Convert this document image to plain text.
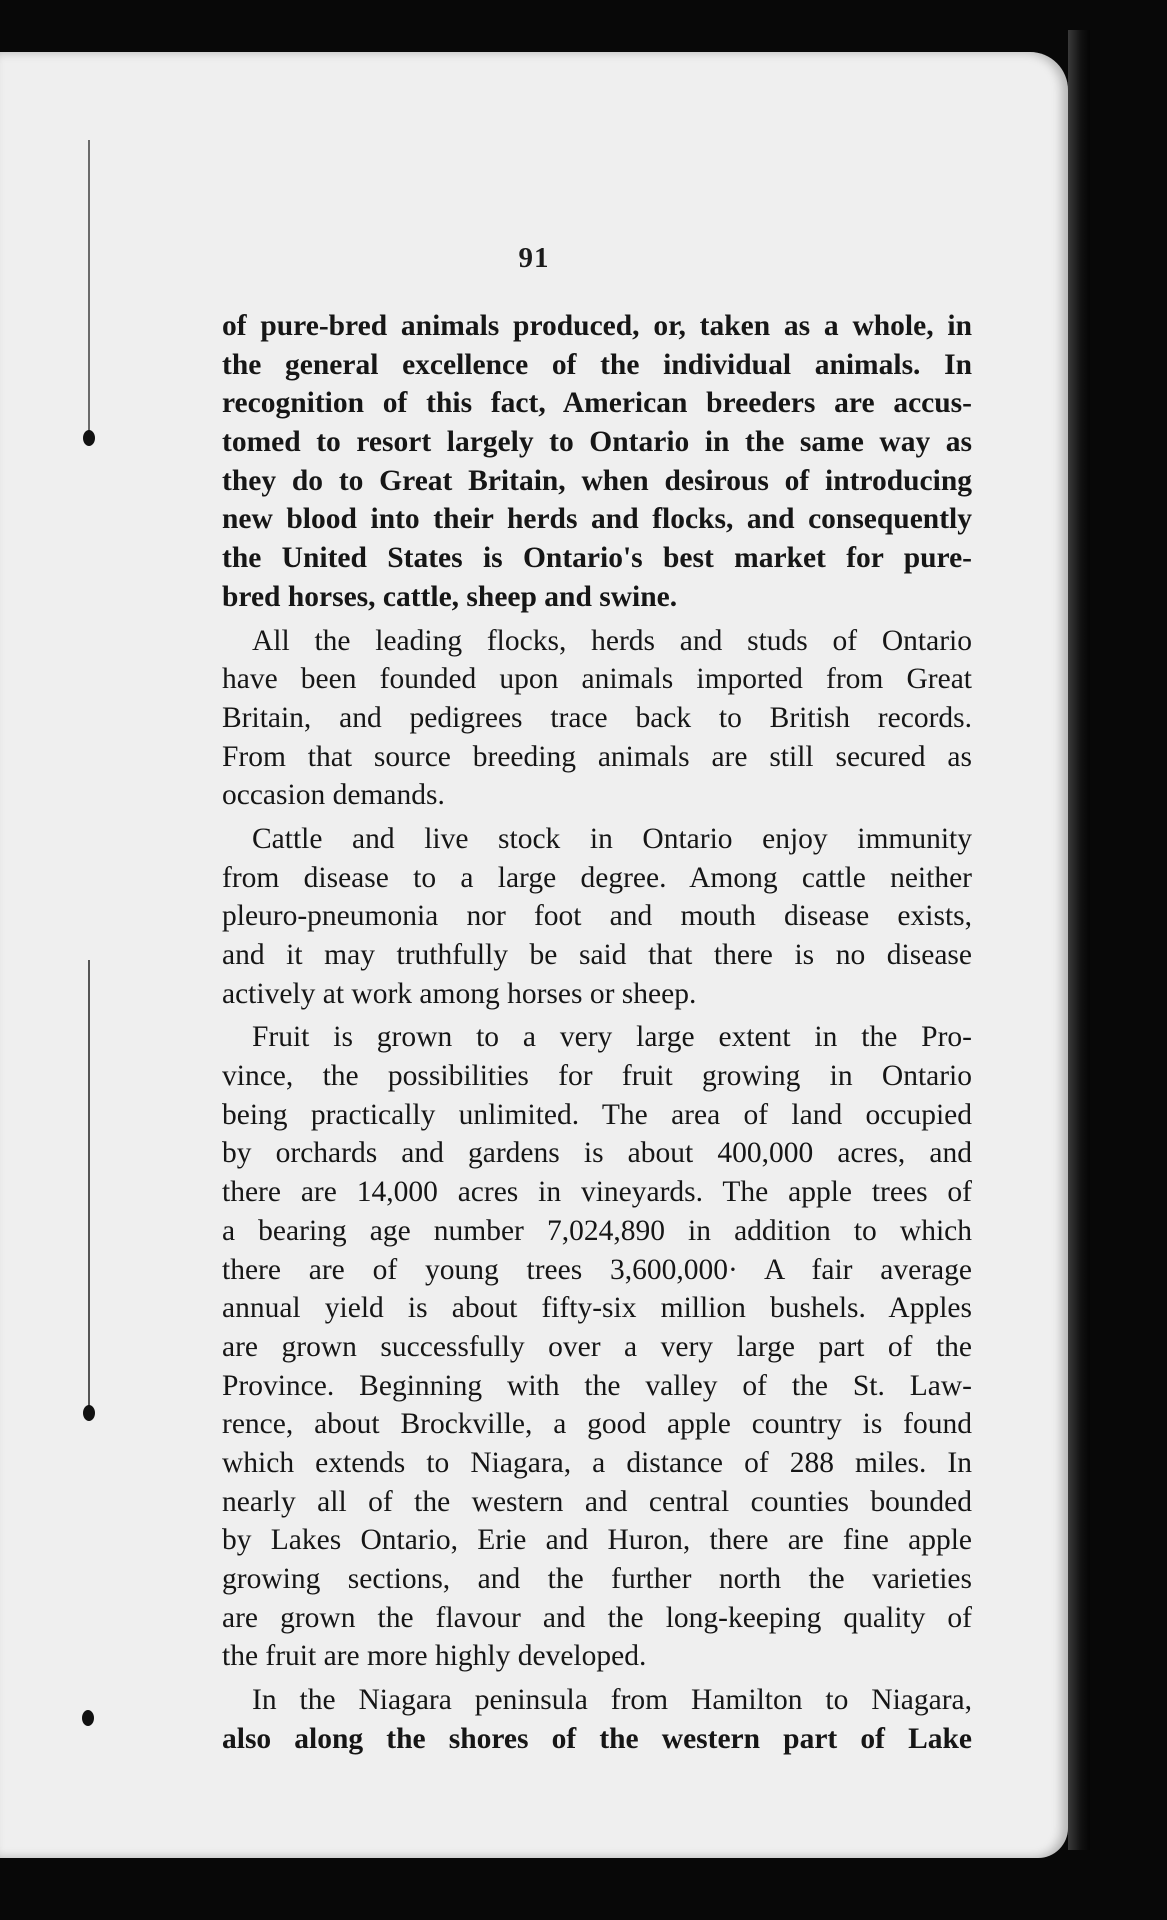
91
of pure-bred animals produced, or, taken as a whole, in
the general excellence of the individual animals. In
recognition of this fact, American breeders are accus-
tomed to resort largely to Ontario in the same way as
they do to Great Britain, when desirous of introducing
new blood into their herds and flocks, and consequently
the United States is Ontario's best market for pure-
bred horses, cattle, sheep and swine.
All the leading flocks, herds and studs of Ontario
have been founded upon animals imported from Great
Britain, and pedigrees trace back to British records.
From that source breeding animals are still secured as
occasion demands.
Cattle and live stock in Ontario enjoy immunity
from disease to a large degree. Among cattle neither
pleuro-pneumonia nor foot and mouth disease exists,
and it may truthfully be said that there is no disease
actively at work among horses or sheep.
Fruit is grown to a very large extent in the Pro-
vince, the possibilities for fruit growing in Ontario
being practically unlimited. The area of land occupied
by orchards and gardens is about 400,000 acres, and
there are 14,000 acres in vineyards. The apple trees of
a bearing age number 7,024,890 in addition to which
there are of young trees 3,600,000· A fair average
annual yield is about fifty-six million bushels. Apples
are grown successfully over a very large part of the
Province. Beginning with the valley of the St. Law-
rence, about Brockville, a good apple country is found
which extends to Niagara, a distance of 288 miles. In
nearly all of the western and central counties bounded
by Lakes Ontario, Erie and Huron, there are fine apple
growing sections, and the further north the varieties
are grown the flavour and the long-keeping quality of
the fruit are more highly developed.
In the Niagara peninsula from Hamilton to Niagara,
also along the shores of the western part of Lake
